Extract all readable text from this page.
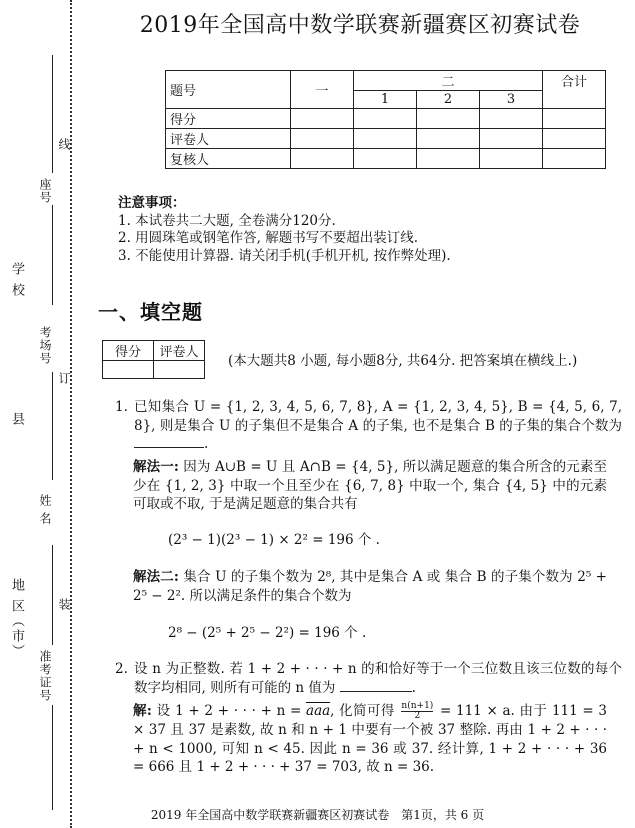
学 校
县
地 区（市）
座号
考场号
姓 名
准考证号
线
订
装
2019年全国高中数学联赛新疆赛区初赛试卷
题号	一	二			合计
		1	2	3	
得分					
评卷人					
复核人					
注意事项：
1. 本试卷共二大题, 全卷满分120分.
2. 用圆珠笔或钢笔作答, 解题书写不要超出装订线.
3. 不能使用计算器. 请关闭手机(手机开机, 按作弊处理).
一、填空题
得分	评卷人

(本大题共8 小题, 每小题8分, 共64分. 把答案填在横线上.)
1. 已知集合 U = {1, 2, 3, 4, 5, 6, 7, 8}, A = {1, 2, 3, 4, 5}, B = {4, 5, 6, 7, 8}, 则是集合 U 的子集但不是集合 A 的子集, 也不是集合 B 的子集的集合个数为 .
解法一: 因为 A∪B = U 且 A∩B = {4, 5}, 所以满足题意的集合所含的元素至少在 {1, 2, 3} 中取一个且至少在 {6, 7, 8} 中取一个, 集合 {4, 5} 中的元素可取或不取, 于是满足题意的集合共有
(2³ − 1)(2³ − 1) × 2² = 196 个 .
解法二: 集合 U 的子集个数为 2⁸, 其中是集合 A 或 集合 B 的子集个数为 2⁵ + 2⁵ − 2². 所以满足条件的集合个数为
2⁸ − (2⁵ + 2⁵ − 2²) = 196 个 .
2. 设 n 为正整数. 若 1 + 2 + · · · + n 的和恰好等于一个三位数且该三位数的每个数字均相同, 则所有可能的 n 值为	.
解: 设 1 + 2 + · · · + $n = \overline{aaa}$, 化简可得 $\frac{n(n+1)}{2} = 111 \times a$. 由于 111 = 3 × 37 且 37 是素数, 故 n 和 n + 1 中要有一个被 37 整除. 再由 1 + 2 + · · · + n < 1000, 可知 n < 45. 因此 n = 36 或 37. 经计算, 1 + 2 + · · · + 36 = 666 且 1 + 2 + · · · + 37 = 703, 故 n = 36.
2019 年全国高中数学联赛新疆赛区初赛试卷　第1页，共 6 页
